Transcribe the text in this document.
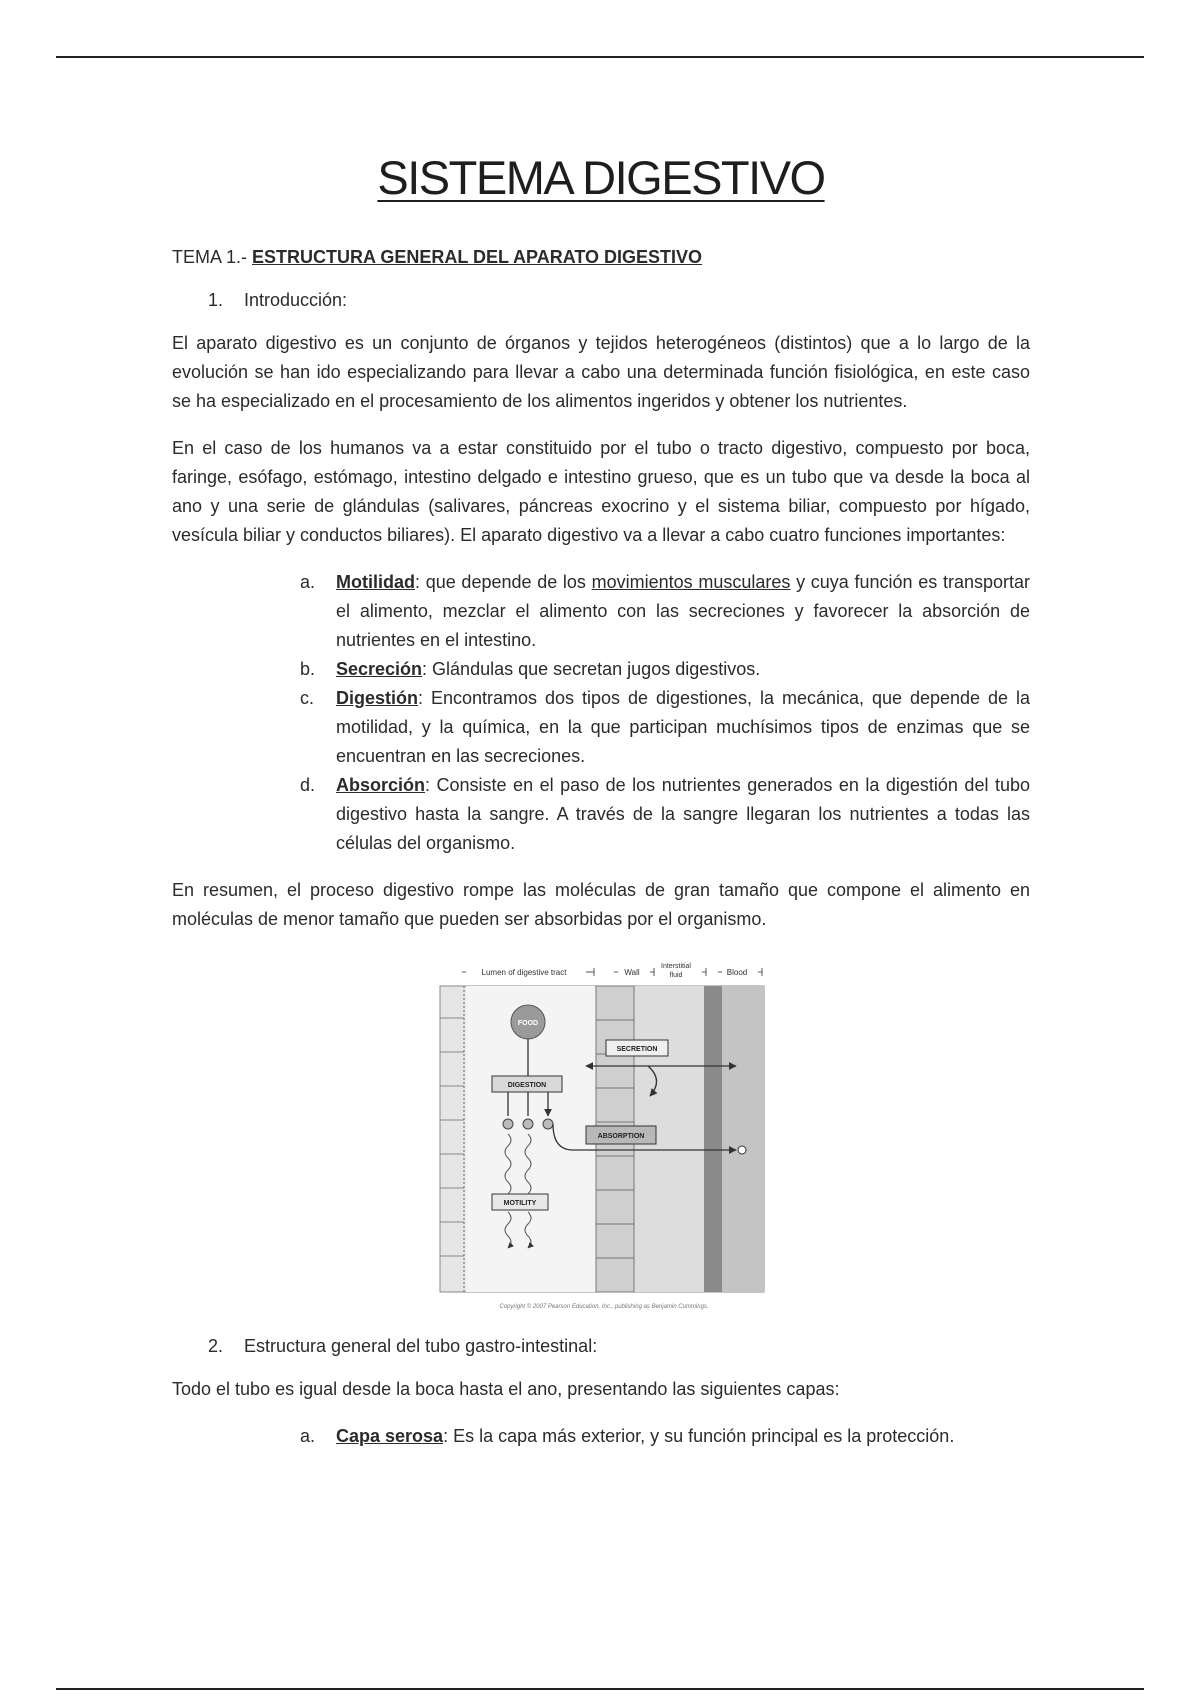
SISTEMA DIGESTIVO
TEMA 1.- ESTRUCTURA GENERAL DEL APARATO DIGESTIVO
1. Introducción:

El aparato digestivo es un conjunto de órganos y tejidos heterogéneos (distintos) que a lo largo de la evolución se han ido especializando para llevar a cabo una determinada función fisiológica, en este caso se ha especializado en el procesamiento de los alimentos ingeridos y obtener los nutrientes.

En el caso de los humanos va a estar constituido por el tubo o tracto digestivo, compuesto por boca, faringe, esófago, estómago, intestino delgado e intestino grueso, que es un tubo que va desde la boca al ano y una serie de glándulas (salivares, páncreas exocrino y el sistema biliar, compuesto por hígado, vesícula biliar y conductos biliares). El aparato digestivo va a llevar a cabo cuatro funciones importantes:

a. Motilidad: que depende de los movimientos musculares y cuya función es transportar el alimento, mezclar el alimento con las secreciones y favorecer la absorción de nutrientes en el intestino.
b. Secreción: Glándulas que secretan jugos digestivos.
c. Digestión: Encontramos dos tipos de digestiones, la mecánica, que depende de la motilidad, y la química, en la que participan muchísimos tipos de enzimas que se encuentran en las secreciones.
d. Absorción: Consiste en el paso de los nutrientes generados en la digestión del tubo digestivo hasta la sangre. A través de la sangre llegaran los nutrientes a todas las células del organismo.

En resumen, el proceso digestivo rompe las moléculas de gran tamaño que compone el alimento en moléculas de menor tamaño que pueden ser absorbidas por el organismo.

Lumen of digestive tract	Wall
Interstitial
fluid	Blood
FOOD
DIGESTION
MOTILITY
SECRETION
ABSORPTION
Copyright © 2007 Pearson Education, Inc., publishing as Benjamin Cummings.
2. Estructura general del tubo gastro-intestinal:

Todo el tubo es igual desde la boca hasta el ano, presentando las siguientes capas:

a. Capa serosa: Es la capa más exterior, y su función principal es la protección.
